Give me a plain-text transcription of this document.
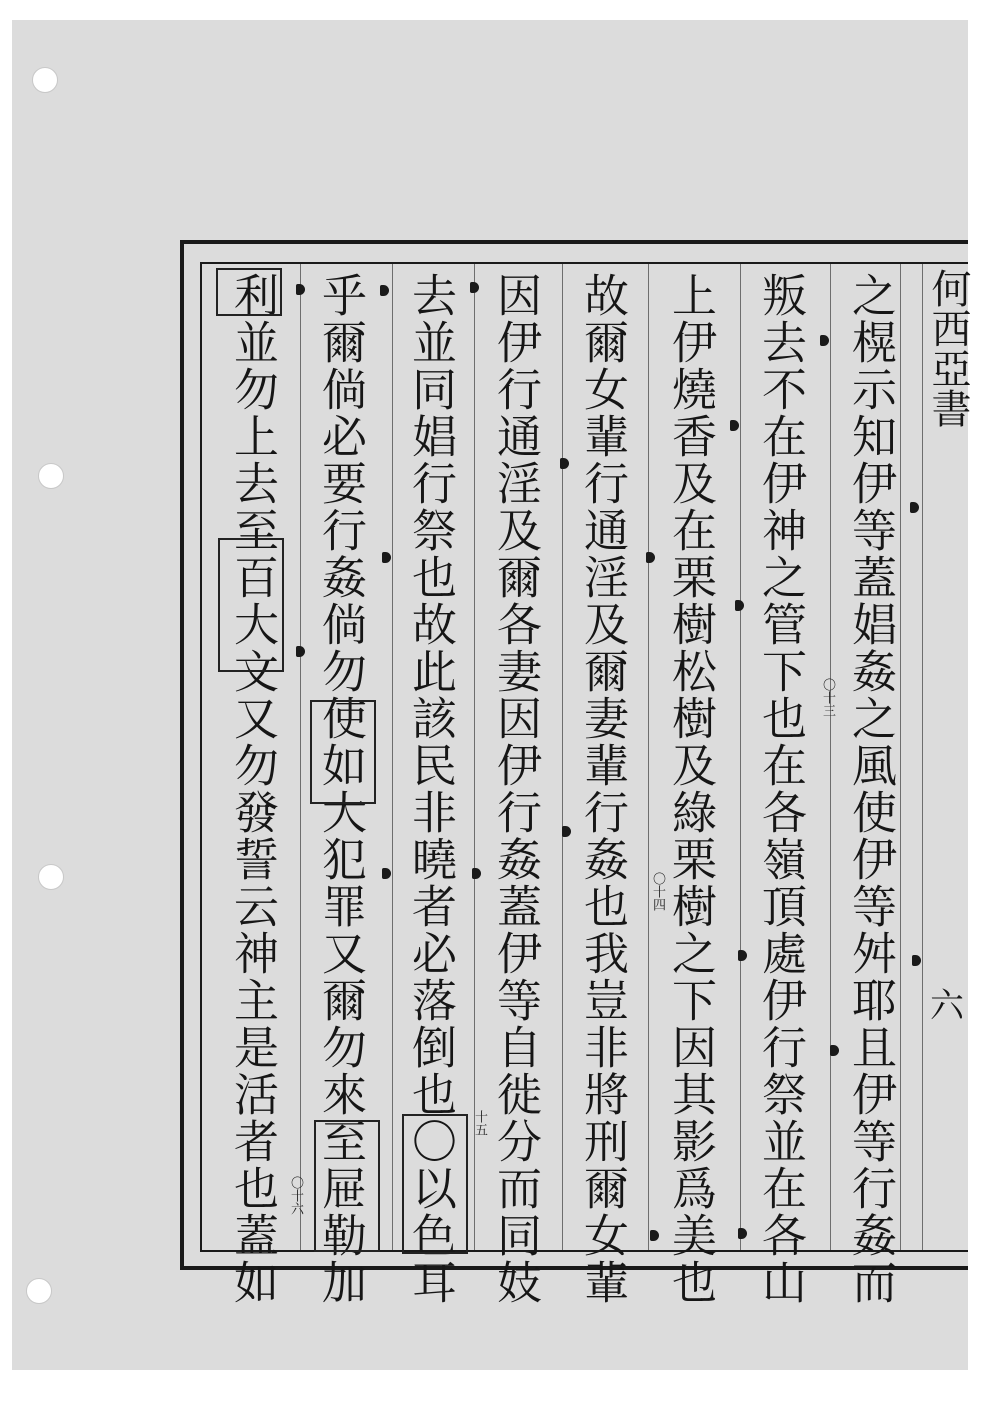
何西亞書
六
之榥示知伊等蓋娼姦之風使伊等舛耶且伊等行姦而
叛去不在伊神之管下也在各嶺頂處伊行祭並在各山
上伊燒香及在栗樹松樹及綠栗樹之下因其影爲美也
故爾女輩行通淫及爾妻輩行姦也我豈非將刑爾女輩
因伊行通淫及爾各妻因伊行姦蓋伊等自徙分而同妓
去並同娼行祭也故此該民非曉者必落倒也〇以色耳
乎爾倘必要行姦倘勿使如大犯罪又爾勿來至屉勒加
利並勿上去至百大文又勿發誓云神主是活者也蓋如	〇十三
〇十四
十五
〇十六
